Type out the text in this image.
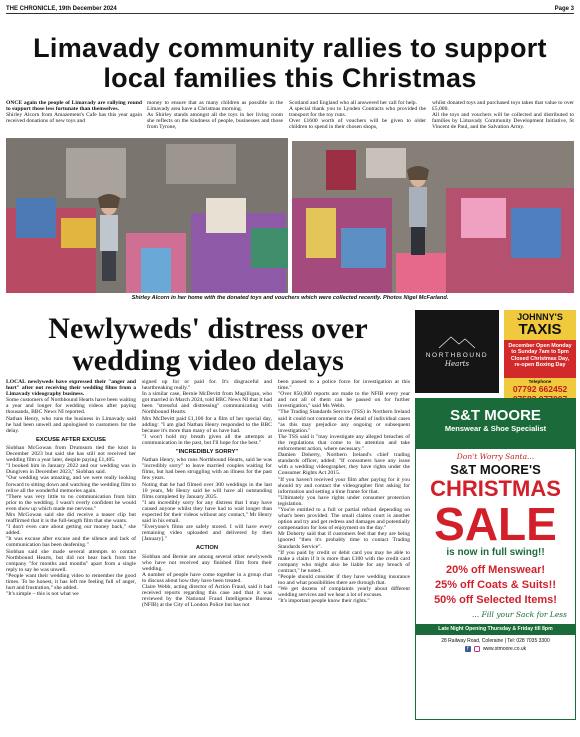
THE CHRONICLE, 19th December 2024	Page 3
Limavady community rallies to support local families this Christmas

ONCE again the people of Limavady are rallying round to support those less fortunate than themselves.

Shirley Alcorn from Amazement's Cafe has this year again received donations of new toys and

money to ensure that as many children as possible in the Limavady area have a Christmas morning.
As Shirley stands amongst all the toys in her living room she reflects on the kindness of people, businesses and those from Tyrone,
Scotland and England who all answered her call for help.
A special thank you to Lynden Contracts who provided the transport for the toy runs.
Over £1600 worth of vouchers will be given to older children to spend in their chosen shops,
whilst donated toys and purchased toys takes that value to over £5,000.
All the toys and vouchers will be collected and distributed to families by Limavady Community Development Initiative, St Vincent de Paul, and the Salvation Army.
Shirley Alcorn in her home with the donated toys and vouchers which were collected recently. Photos Nigel McFarland.
Newlyweds' distress over wedding video delays

LOCAL newlyweds have expressed their "anger and hurt" after not receiving their wedding films from a Limavady videography business.

Some customers of Northbound Hearts have been waiting a year and longer for wedding videos after paying thousands, BBC News NI reported.
Nathan Henry, who runs the business in Limavady said he had been unwell and apologised to customers for the delay.

EXCUSE AFTER EXCUSE

Siobhan McGowan from Drumsurn tied the knot in December 2023 but said she has still not received her wedding film a year later, despite paying £1,405.
"I booked him in January 2022 and our wedding was in Dungiven in December 2023," Siobhan said.
"Our wedding was amazing, and we were really looking forward to sitting down and watching the wedding film to relive all the wonderful memories again.
"There was very little to no communication from him prior to the wedding. I wasn't overly confident he would even show up which made me nervous."
Mrs McGowan said she did receive a teaser clip but reaffirmed that it is the full-length film that she wants.
"I don't even care about getting our money back," she added.
"It was excuse after excuse and the silence and lack of communication has been deafening."
Siobhan said she made several attempts to contact Northbound Hearts, but did not hear back from the company "for months and months" apart from a single reply to say he was unwell.
"People want their wedding video to remember the good times. To be honest, it has left me feeling full of anger, hurt and frustration," she added.
"It's simple – this is not what we

signed up for or paid for. It's disgraceful and heartbreaking really."
In a similar case, Bernie McDevitt from Magilligan, who got married in March 2024, told BBC News NI that it had been "stressful and distressing" communicating with Northbound Hearts.
Mrs McDevitt paid £1,100 for a film of her special day, adding: "I am glad Nathan Henry responded to the BBC because it's more than many of us have had.
"I won't hold my breath given all the attempts at communication in the past, but I'll hope for the best."

"INCREDIBLY SORRY"

Nathan Henry, who runs Northbound Hearts, said he was "incredibly sorry" to leave married couples waiting for films, but had been struggling with an illness for the past few years.
Noting that he had filmed over 300 weddings in the last 10 years, Mr Henry said he will have all outstanding films completed by January 2025.
"I am incredibly sorry for any distress that I may have caused anyone whilst they have had to wait longer than expected for their videos without any contact," Mr Henry said in his email.
"Everyone's films are safely stored. I will have every remaining video uploaded and delivered by then [January]."

ACTION

Siobhan and Bernie are among several other newlyweds who have not received any finished film from their wedding.
A number of people have come together in a group chat to discuss about how they have been treated.
Claire Webb, acting director of Action Fraud, said it had received reports regarding this case and that it was reviewed by the National Fraud Intelligence Bureau (NFIB) at the City of London Police but has not

been passed to a police force for investigation at this time."
"Over 850,000 reports are made to the NFIB every year and not all of them can be passed on for further investigation," said Ms Webb.
"The Trading Standards Service (TSS) in Northern Ireland said it could not comment on the detail of individual cases "as this may prejudice any ongoing or subsequent investigation."
The TSS said it "may investigate any alleged breaches of the regulations that come to its attention and take enforcement action, where necessary."
Damien Doherty, Northern Ireland's chief trading standards officer, added: "If consumers have any issue with a wedding videographer, they have rights under the Consumer Rights Act 2015.
"If you haven't received your film after paying for it you should try and contact the videographer first asking for information and setting a time frame for that.
"Ultimately you have rights under consumer protection legislation.
"You're entitled to a full or partial refund depending on what's been provided. The small claims court is another option and try and get redress and damages and potentially compensation for loss of enjoyment on the day."
Mr Doherty said that if customers feel that they are being ignored "then it's probably time to contact Trading Standards Service".
"If you paid by credit or debit card you may be able to make a claim if it is more than £100 with the credit card company who might also be liable for any breach of contract," he noted.
"People should consider if they have wedding insurance too and what possibilities there are through that.
"We get dozens of complaints yearly about different wedding services and we hear a lot of excuses.
"It's important people know their rights."
NORTHBOUND
Hearts
JOHNNY'S
TAXIS
December Open Monday to Sunday 7am to 5pm Closed Christmas Day, re-open Boxing Day
Telephone
07792 662452
S&T MOORE
Menswear & Shoe Specialist
Don't Worry Santa...
S&T MOORE'S
CHRISTMAS
SALE
is now in full swing!!
20% off Menswear!
25% off Coats & Suits!!
50% off Selected Items!
... Fill your Sack for Less
Late Night Opening Thursday & Friday till 8pm
28 Railway Road, Coleraine | Tel: 028 7035 3300
f	www.stmoore.co.uk
